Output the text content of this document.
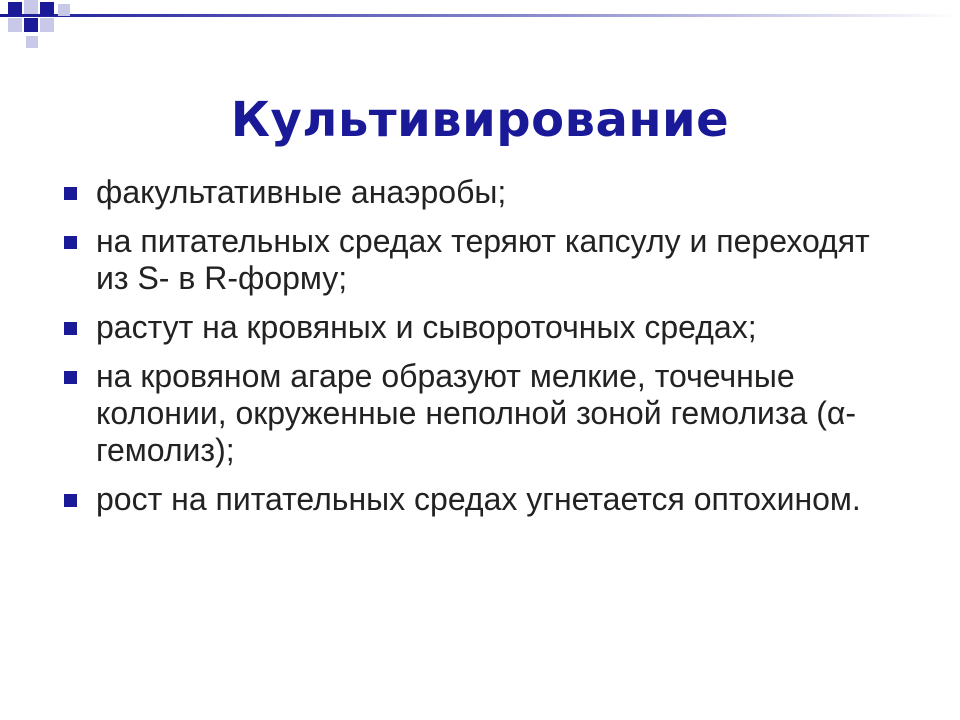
Культивирование
факультативные анаэробы;
на питательных средах теряют капсулу и переходят из S- в R-форму;
растут на кровяных и сывороточных средах;
на кровяном агаре образуют мелкие, точечные колонии, окруженные неполной зоной гемолиза (α-гемолиз);
рост на питательных средах угнетается оптохином.
